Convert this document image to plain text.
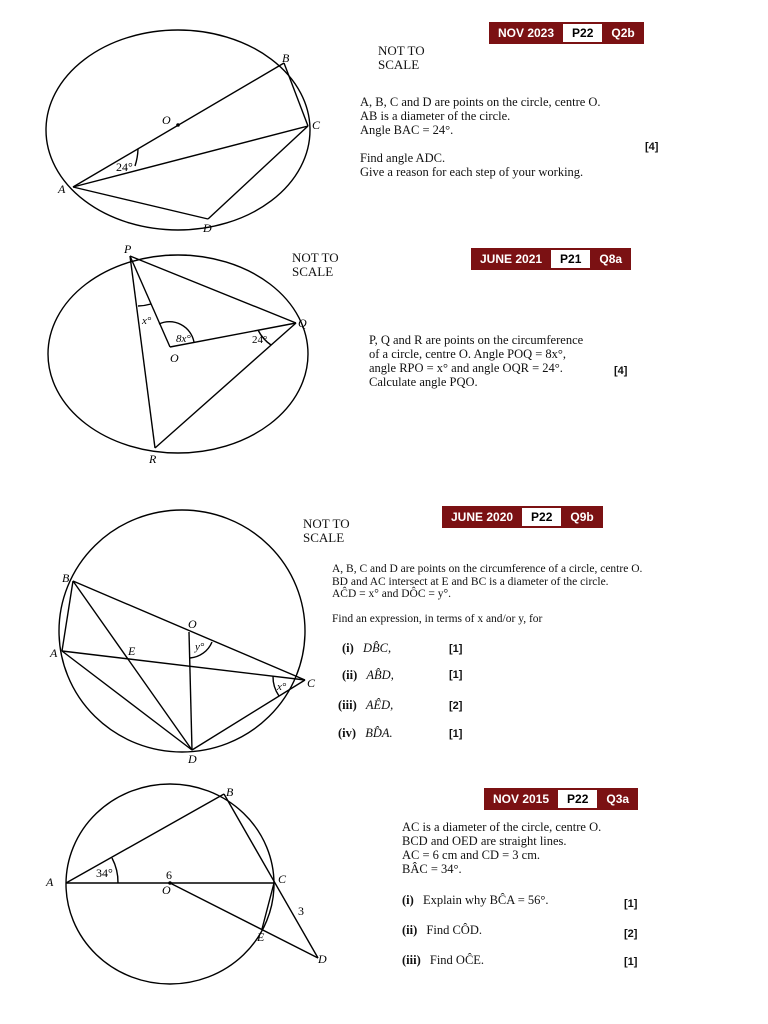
B
C
A
D
O
24°
NOT TO
SCALE
NOV 2023	P22	Q2b
A, B, C and D are points on the circle, centre O.
AB is a diameter of the circle.
Angle BAC = 24°.

Find angle ADC.
Give a reason for each step of your working.
[4]
P
Q
R
O
x°
8x°	24°
NOT TO
SCALE
JUNE 2021	P21	Q8a
P, Q and R are points on the circumference
of a circle, centre O. Angle POQ = 8x°,
angle RPO = x° and angle OQR = 24°.
Calculate angle PQO.
[4]
B
A
C
D
O
E	y°
x°
NOT TO
SCALE
JUNE 2020	P22	Q9b
A, B, C and D are points on the circumference of a circle, centre O.
BD and AC intersect at E and BC is a diameter of the circle.
AĈD = x° and DÔC = y°.

Find an expression, in terms of x and/or y, for
(i) DB̂C,	[1]
(ii) AB̂D,	[1]
(iii) AÊD,	[2]
(iv) BD̂A.	[1]
A
B
C
D
E
O
34°	6
3
NOV 2015	P22	Q3a
AC is a diameter of the circle, centre O.
BCD and OED are straight lines.
AC = 6 cm and CD = 3 cm.
BÂC = 34°.
(i) Explain why BĈA = 56°.	[1]
(ii) Find CÔD.	[2]
(iii) Find OĈE.	[1]
